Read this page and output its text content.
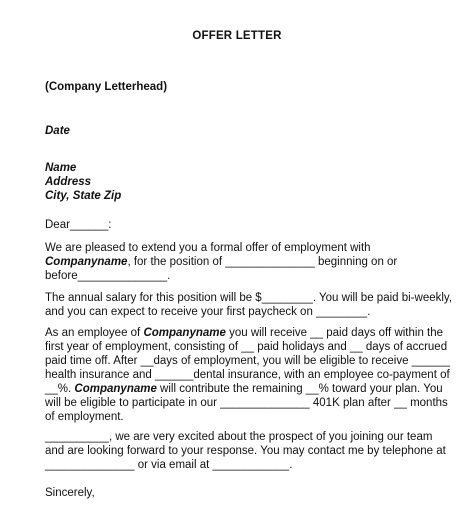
OFFER LETTER
(Company Letterhead)
Date
Name
Address
City, State Zip
Dear______:
We are pleased to extend you a formal offer of employment with
Companyname, for the position of ______________ beginning on or
before______________.
The annual salary for this position will be $________. You will be paid bi-weekly,
and you can expect to receive your first paycheck on ________.
As an employee of Companyname you will receive __ paid days off within the
first year of employment, consisting of __ paid holidays and __ days of accrued
paid time off. After __days of employment, you will be eligible to receive ______
health insurance and ______dental insurance, with an employee co-payment of
__%. Companyname will contribute the remaining __% toward your plan. You
will be eligible to participate in our ______________ 401K plan after __ months
of employment.
__________, we are very excited about the prospect of you joining our team
and are looking forward to your response. You may contact me by telephone at
______________ or via email at ____________.
Sincerely,
